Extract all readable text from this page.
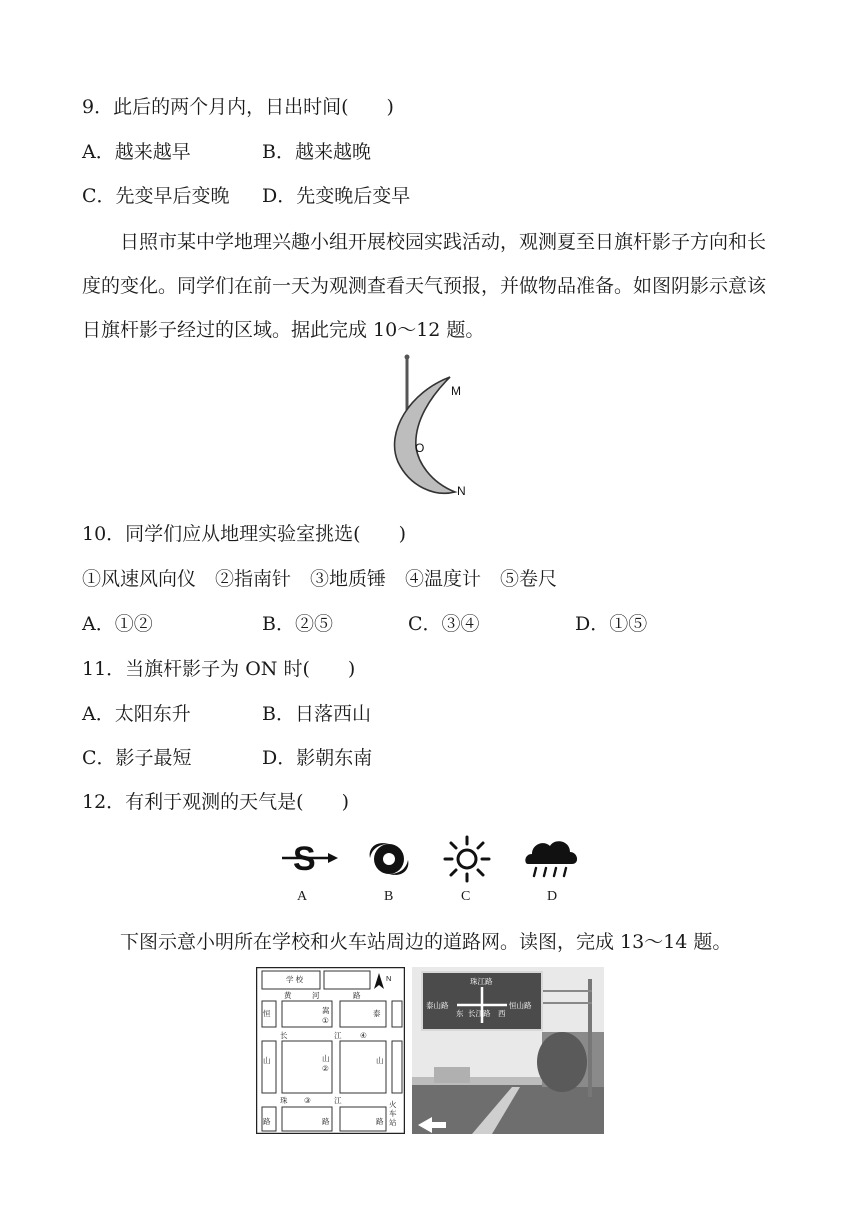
9．此后的两个月内，日出时间(　　)
A．越来越早	B．越来越晚
C．先变早后变晚 D．先变晚后变早
日照市某中学地理兴趣小组开展校园实践活动，观测夏至日旗杆影子方向和长度的变化。同学们在前一天为观测查看天气预报，并做物品准备。如图阴影示意该日旗杆影子经过的区域。据此完成 10～12 题。
M
O
N
10．同学们应从地理实验室挑选(　　)
①风速风向仪　②指南针　③地质锤　④温度计　⑤卷尺
A．①②	B．②⑤	C．③④	D．①⑤
11．当旗杆影子为 ON 时(　　)
A．太阳东升	B．日落西山
C．影子最短	D．影朝东南
12．有利于观测的天气是(　　)
S
A	B	C	D
下图示意小明所在学校和火车站周边的道路网。读图，完成 13～14 题。
学 校	N
黄	河	路
长	江 ④
珠 ③	江
恒
山
路
嵩
①
山
②
路
泰
山
路
火
车
站
珠江路
泰山路
东 长江路 西
恒山路
